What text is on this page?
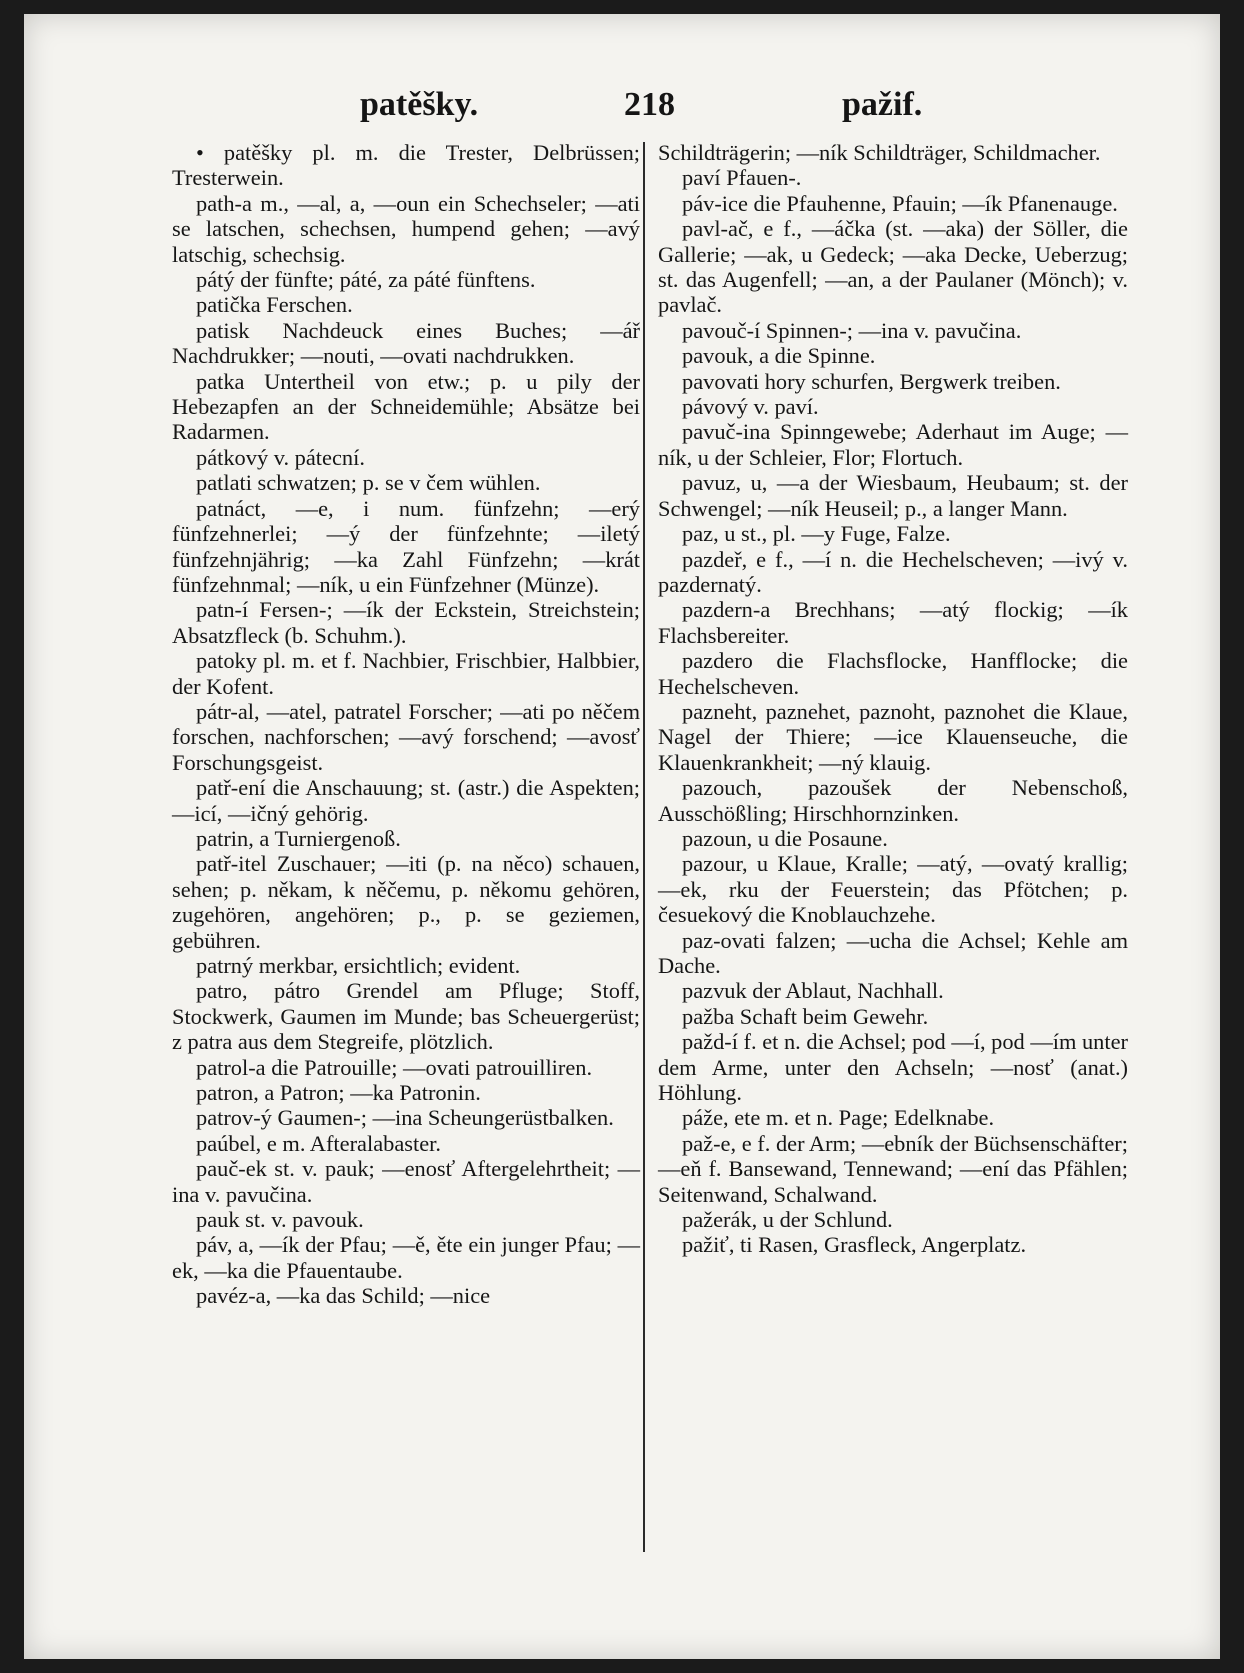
patěšky.	218	pažif.

• patěšky pl. m. die Trester, Delbrüssen; Tresterwein.

path-a m., —al, a, —oun ein Schechseler; —ati se latschen, schechsen, humpend gehen; —avý latschig, schechsig.

pátý der fünfte; páté, za páté fünftens.

patička Ferschen.

patisk Nachdeuck eines Buches; —ář Nachdrukker; —nouti, —ovati nachdrukken.

patka Untertheil von etw.; p. u pily der Hebezapfen an der Schneidemühle; Absätze bei Radarmen.

pátkový v. pátecní.

patlati schwatzen; p. se v čem wühlen.

patnáct, —e, i num. fünfzehn; —erý fünfzehnerlei; —ý der fünfzehnte; —iletý fünfzehnjährig; —ka Zahl Fünfzehn; —krát fünfzehnmal; —ník, u ein Fünfzehner (Münze).

patn-í Fersen-; —ík der Eckstein, Streichstein; Absatzfleck (b. Schuhm.).

patoky pl. m. et f. Nachbier, Frischbier, Halbbier, der Kofent.

pátr-al, —atel, patratel Forscher; —ati po něčem forschen, nachforschen; —avý forschend; —avosť Forschungsgeist.

patř-ení die Anschauung; st. (astr.) die Aspekten; —icí, —ičný gehörig.

patrin, a Turniergenoß.

patř-itel Zuschauer; —iti (p. na něco) schauen, sehen; p. někam, k něčemu, p. někomu gehören, zugehören, angehören; p., p. se geziemen, gebühren.

patrný merkbar, ersichtlich; evident.

patro, pátro Grendel am Pfluge; Stoff, Stockwerk, Gaumen im Munde; bas Scheuergerüst; z patra aus dem Stegreife, plötzlich.

patrol-a die Patrouille; —ovati patrouilliren.

patron, a Patron; —ka Patronin.

patrov-ý Gaumen-; —ina Scheungerüstbalken.

paúbel, e m. Afteralabaster.

pauč-ek st. v. pauk; —enosť Aftergelehrtheit; —ina v. pavučina.

pauk st. v. pavouk.

páv, a, —ík der Pfau; —ě, ěte ein junger Pfau; —ek, —ka die Pfauentaube.

pavéz-a, —ka das Schild; —nice

Schildträgerin; —ník Schildträger, Schildmacher.

paví Pfauen-.

páv-ice die Pfauhenne, Pfauin; —ík Pfanenauge.

pavl-ač, e f., —áčka (st. —aka) der Söller, die Gallerie; —ak, u Gedeck; —aka Decke, Ueberzug; st. das Augenfell; —an, a der Paulaner (Mönch); v. pavlač.

pavouč-í Spinnen-; —ina v. pavučina.

pavouk, a die Spinne.

pavovati hory schurfen, Bergwerk treiben.

pávový v. paví.

pavuč-ina Spinngewebe; Aderhaut im Auge; —ník, u der Schleier, Flor; Flortuch.

pavuz, u, —a der Wiesbaum, Heubaum; st. der Schwengel; —ník Heuseil; p., a langer Mann.

paz, u st., pl. —y Fuge, Falze.

pazdeř, e f., —í n. die Hechelscheven; —ivý v. pazdernatý.

pazdern-a Brechhans; —atý flockig; —ík Flachsbereiter.

pazdero die Flachsflocke, Hanfflocke; die Hechelscheven.

pazneht, paznehet, paznoht, paznohet die Klaue, Nagel der Thiere; —ice Klauenseuche, die Klauenkrankheit; —ný klauig.

pazouch, pazoušek der Nebenschoß, Ausschößling; Hirschhornzinken.

pazoun, u die Posaune.

pazour, u Klaue, Kralle; —atý, —ovatý krallig; —ek, rku der Feuerstein; das Pfötchen; p. česuekový die Knoblauchzehe.

paz-ovati falzen; —ucha die Achsel; Kehle am Dache.

pazvuk der Ablaut, Nachhall.

pažba Schaft beim Gewehr.

pažd-í f. et n. die Achsel; pod —í, pod —ím unter dem Arme, unter den Achseln; —nosť (anat.) Höhlung.

páže, ete m. et n. Page; Edelknabe.

paž-e, e f. der Arm; —ebník der Büchsenschäfter; —eň f. Bansewand, Tennewand; —ení das Pfählen; Seitenwand, Schalwand.

pažerák, u der Schlund.

pažiť, ti Rasen, Grasfleck, Angerplatz.
